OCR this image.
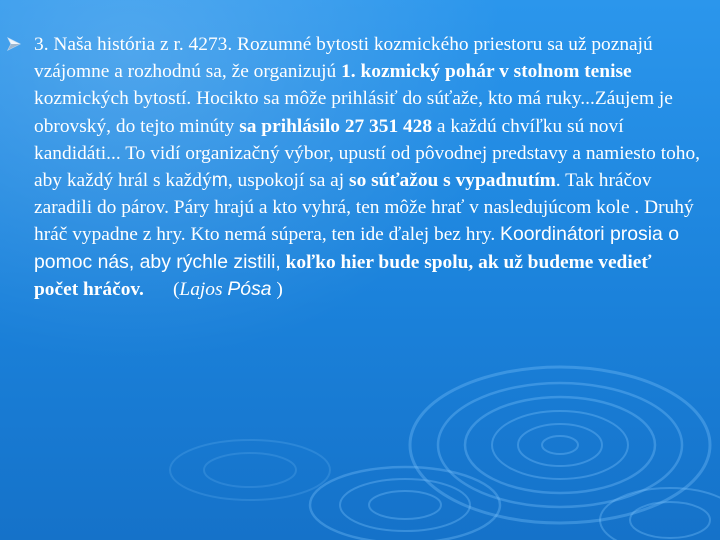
3. Naša história z r. 4273. Rozumné bytosti kozmického priestoru sa už poznajú vzájomne a rozhodnú sa, že organizujú 1. kozmický pohár v stolnom tenise kozmických bytostí. Hocikto sa môže prihlásiť do súťaže, kto má ruky...Záujem je obrovský, do tejto minúty sa prihlásilo 27 351 428 a každú chvíľku sú noví kandidáti... To vidí organizačný výbor, upustí od pôvodnej predstavy a namiesto toho, aby každý hrál s každým, uspokojí sa aj so súťažou s vypadnutím. Tak hráčov zaradili do párov. Páry hrajú a kto vyhrá, ten môže hrať v nasledujúcom kole . Druhý hráč vypadne z hry. Kto nemá súpera, ten ide ďalej bez hry. Koordinátori prosia o pomoc nás, aby rýchle zistili, koľko hier bude spolu, ak už budeme vedieť počet hráčov.      (Lajos Pósa )
